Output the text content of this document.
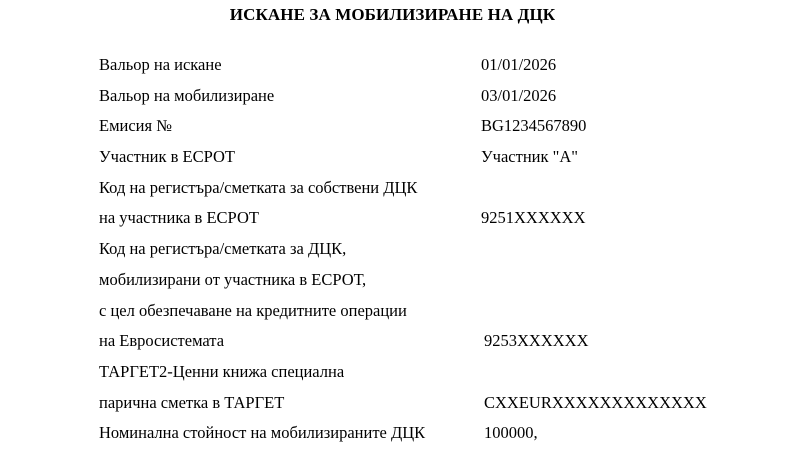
ИСКАНЕ ЗА МОБИЛИЗИРАНЕ НА ДЦК
Вальор на искане	01/01/2026
Вальор на мобилизиране	03/01/2026
Емисия №	BG1234567890
Участник в ЕСРОТ	Участник "А"
Код на регистъра/сметката за собствени ДЦК
на участника в ЕСРОТ	9251XXXXXX
Код на регистъра/сметката за ДЦК,
мобилизирани от участника в ЕСРОТ,
с цел обезпечаване на кредитните операции
на Евросистемата	9253XXXXXX
ТАРГЕТ2-Ценни книжа специална
парична сметка в ТАРГЕТ	CXXEURXXXXXXXXXXXXX
Номинална стойност на мобилизираните ДЦК	100000,
